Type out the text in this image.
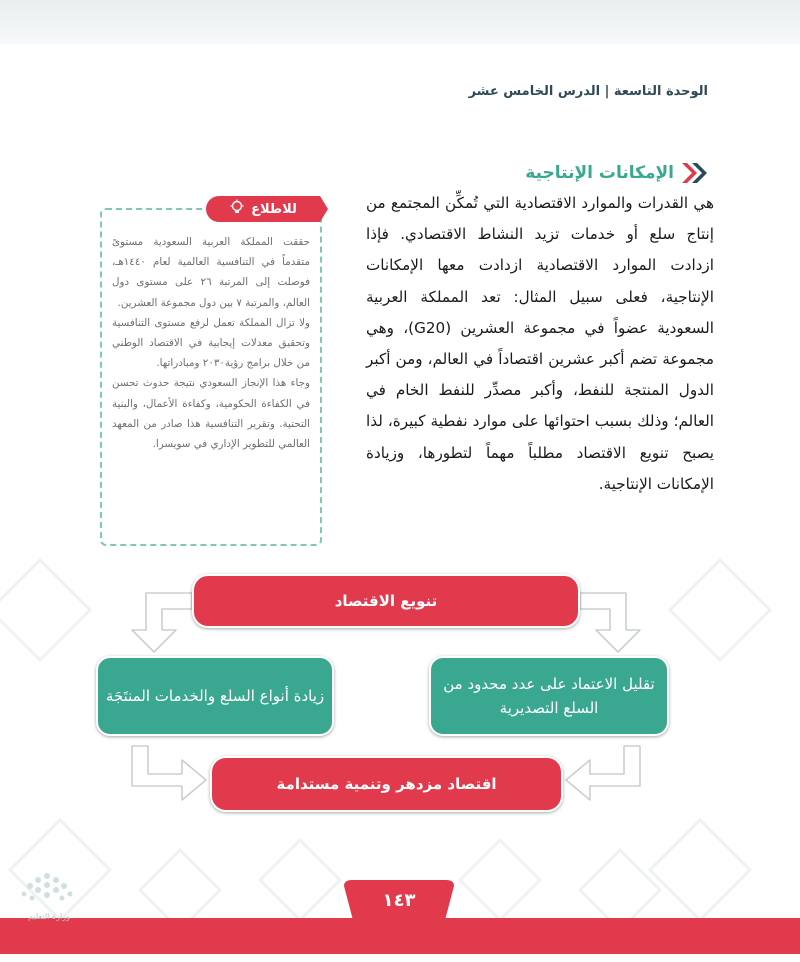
الوحدة التاسعة | الدرس الخامس عشر
الإمكانات الإنتاجية
هي القدرات والموارد الاقتصادية التي تُمكِّن المجتمع من إنتاج سلع أو خدمات تزيد النشاط الاقتصادي. فإذا ازدادت الموارد الاقتصادية ازدادت معها الإمكانات الإنتاجية، فعلى سبيل المثال: تعد المملكة العربية السعودية عضواً في مجموعة العشرين (G20)، وهي مجموعة تضم أكبر عشرين اقتصاداً في العالم، ومن أكبر الدول المنتجة للنفط، وأكبر مصدِّر للنفط الخام في العالم؛ وذلك بسبب احتوائها على موارد نفطية كبيرة، لذا يصبح تنويع الاقتصاد مطلباً مهماً لتطورها، وزيادة الإمكانات الإنتاجية.
للاطلاع

حققت المملكة العربية السعودية مستوىً متقدماً في التنافسية العالمية لعام ١٤٤٠هـ، فوصلت إلى المرتبة ٢٦ على مستوى دول العالم، والمرتبة ٧ بين دول مجموعة العشرين.

ولا تزال المملكة تعمل لرفع مستوى التنافسية وتحقيق معدلات إيجابية في الاقتصاد الوطني من خلال برامج رؤية٢٠٣٠ ومبادراتها.

وجاء هذا الإنجاز السعودي نتيجة حدوث تحسن في الكفاءة الحكومية، وكفاءة الأعمال، والبنية التحتية. وتقرير التنافسية هذا صادر من المعهد العالمي للتطوير الإداري في سويسرا.

تنويع الاقتصاد
تقليل الاعتماد على عدد محدود من السلع التصديرية
زيادة أنواع السلع والخدمات المنتَجَة
اقتصاد مزدهر وتنمية مستدامة
١٤٣
وزارة التعليم
